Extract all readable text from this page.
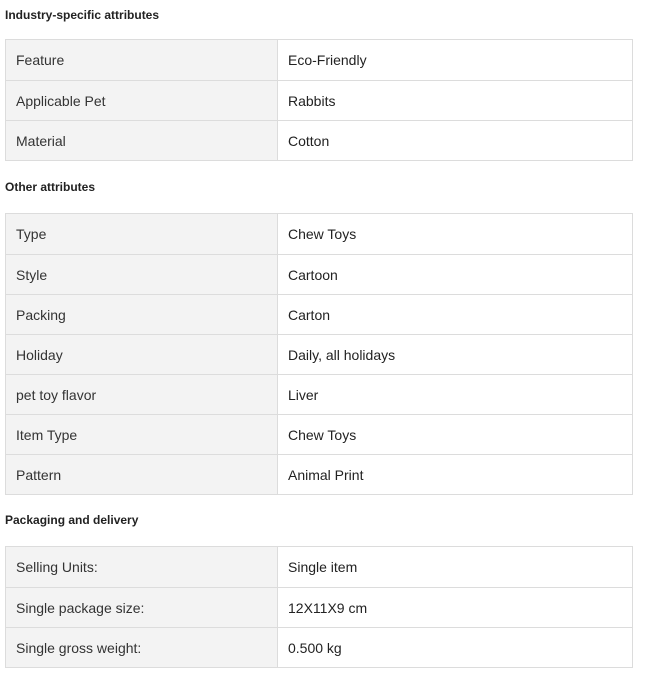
Industry-specific attributes
Feature	Eco-Friendly
Applicable Pet	Rabbits
Material	Cotton
Other attributes
Type	Chew Toys
Style	Cartoon
Packing	Carton
Holiday	Daily, all holidays
pet toy flavor	Liver
Item Type	Chew Toys
Pattern	Animal Print
Packaging and delivery
Selling Units:	Single item
Single package size:	12X11X9 cm
Single gross weight:	0.500 kg
